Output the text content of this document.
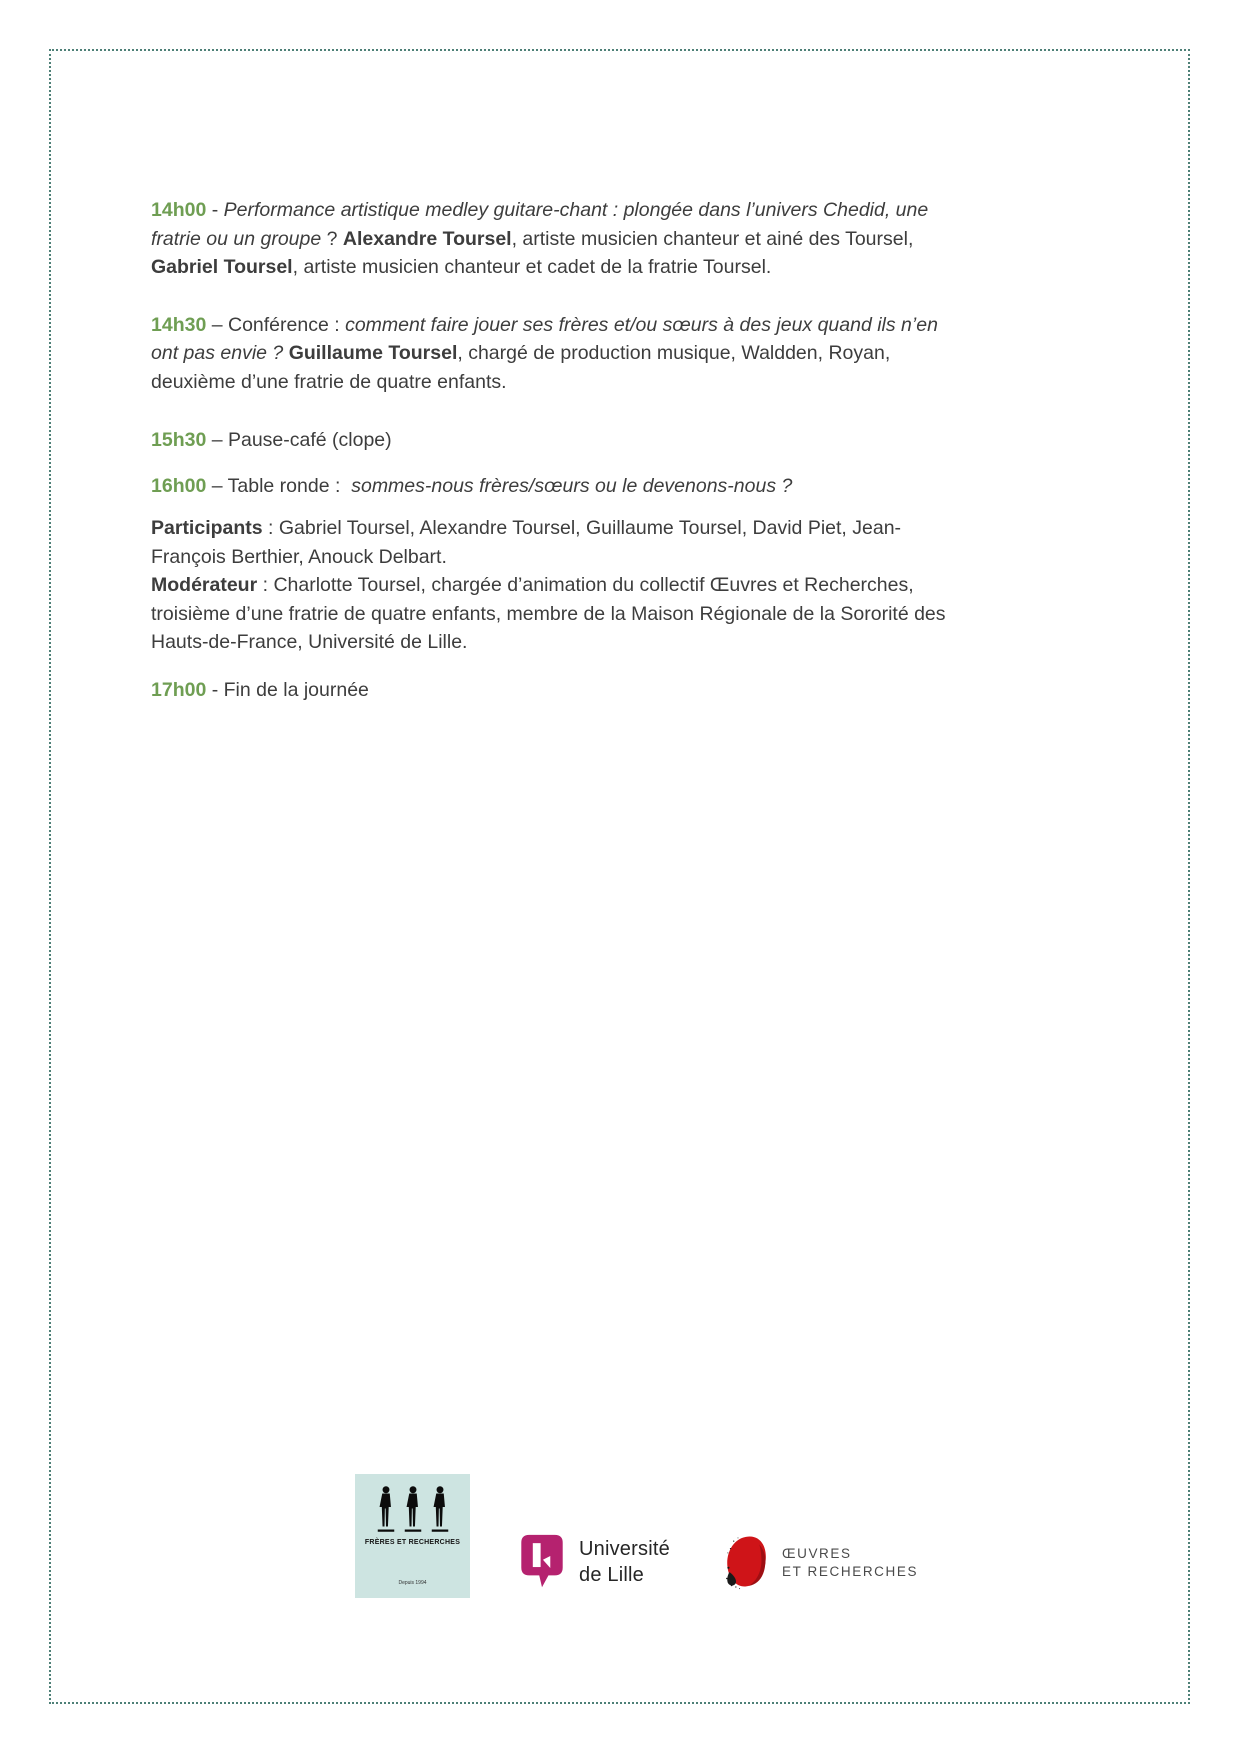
14h00 - Performance artistique medley guitare-chant : plongée dans l’univers Chedid, une fratrie ou un groupe ? Alexandre Toursel, artiste musicien chanteur et ainé des Toursel, Gabriel Toursel, artiste musicien chanteur et cadet de la fratrie Toursel.

14h30 – Conférence : comment faire jouer ses frères et/ou sœurs à des jeux quand ils n’en ont pas envie ? Guillaume Toursel, chargé de production musique, Waldden, Royan, deuxième d’une fratrie de quatre enfants.

15h30 – Pause-café (clope)

16h00 – Table ronde :  sommes-nous frères/sœurs ou le devenons-nous ?

Participants : Gabriel Toursel, Alexandre Toursel, Guillaume Toursel, David Piet, Jean-François Berthier, Anouck Delbart.

Modérateur : Charlotte Toursel, chargée d’animation du collectif Œuvres et Recherches, troisième d’une fratrie de quatre enfants, membre de la Maison Régionale de la Sororité des Hauts-de-France, Université de Lille.

17h00 - Fin de la journée

FRÈRES ET RECHERCHES
Depuis 1994
Université
de Lille
ŒUVRES
ET RECHERCHES
